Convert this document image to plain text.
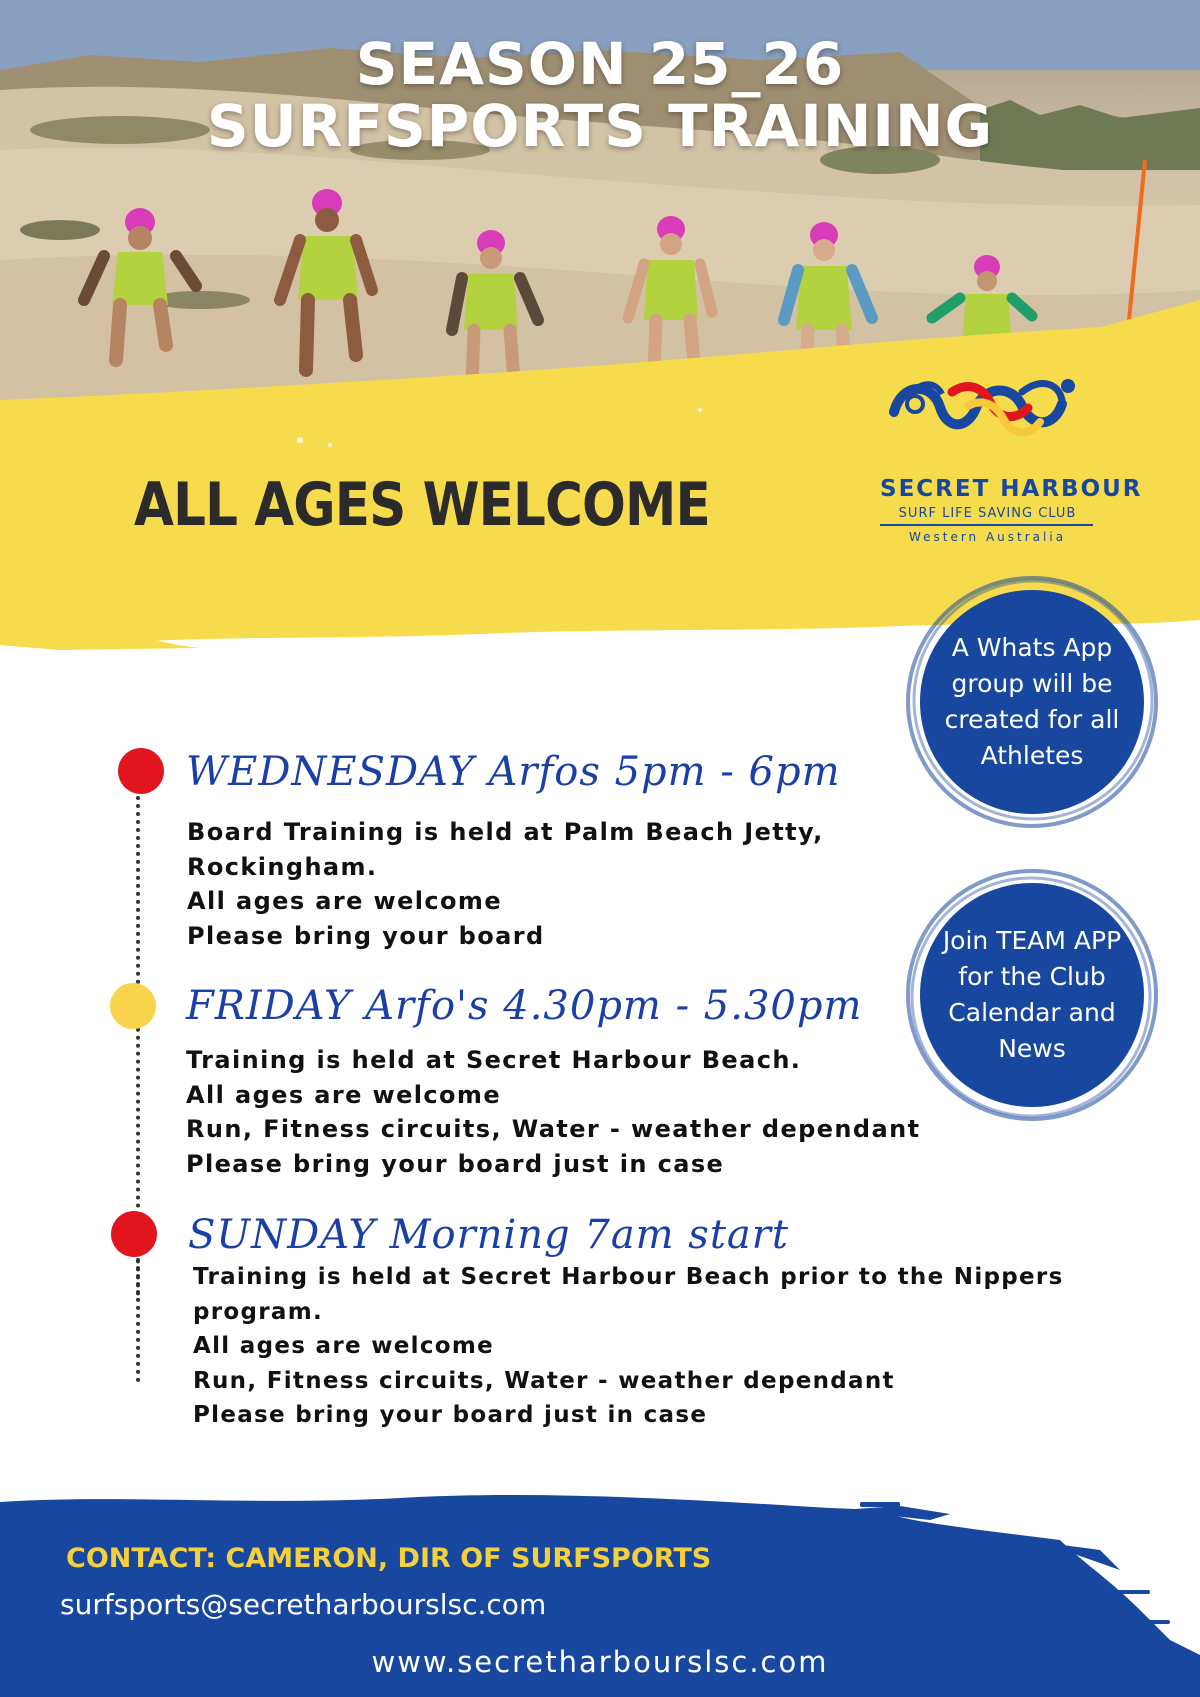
SEASON 25_26
SURFSPORTS TRAINING
ALL AGES WELCOME	SECRET HARBOUR
SURF LIFE SAVING CLUB
Western Australia
A Whats App group will be created for all Athletes
Join TEAM APP for the Club Calendar and News
WEDNESDAY Arfos 5pm - 6pm
Board Training is held at Palm Beach Jetty,
Rockingham.
All ages are welcome
Please bring your board
FRIDAY Arfo's 4.30pm - 5.30pm
Training is held at Secret Harbour Beach.
All ages are welcome
Run, Fitness circuits, Water - weather dependant
Please bring your board just in case
SUNDAY Morning 7am start
Training is held at Secret Harbour Beach prior to the Nippers
program.
All ages are welcome
Run, Fitness circuits, Water - weather dependant
Please bring your board just in case
CONTACT: CAMERON, DIR OF SURFSPORTS
surfsports@secretharbourslsc.com
www.secretharbourslsc.com
